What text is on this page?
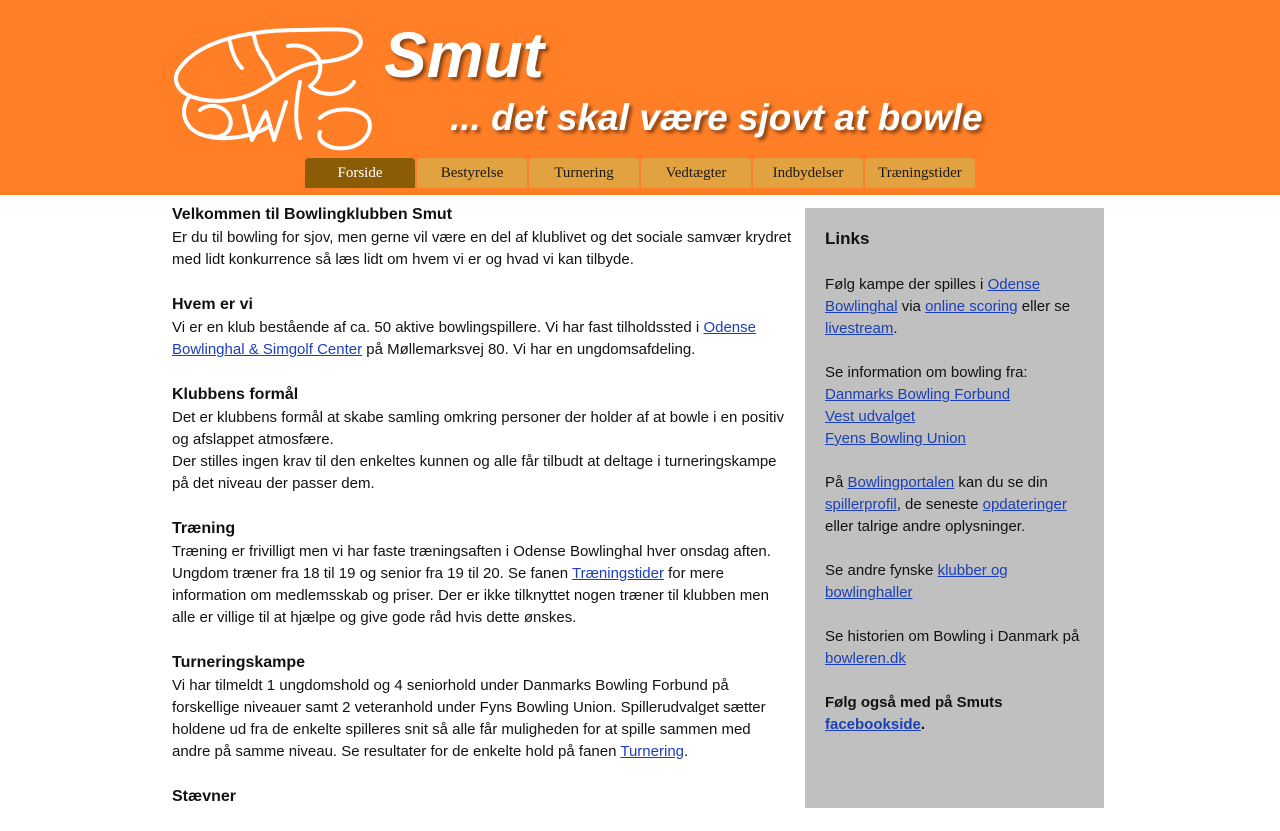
Smut
... det skal være sjovt at bowle
Forside	Bestyrelse	Turnering	Vedtægter	Indbydelser	Træningstider
Velkommen til Bowlingklubben Smut

Er du til bowling for sjov, men gerne vil være en del af klublivet og det sociale samvær krydret med lidt konkurrence så læs lidt om hvem vi er og hvad vi kan tilbyde.

Hvem er vi

Vi er en klub bestående af ca. 50 aktive bowlingspillere. Vi har fast tilholdssted i Odense Bowlinghal & Simgolf Center på Møllemarksvej 80. Vi har en ungdomsafdeling.

Klubbens formål

Det er klubbens formål at skabe samling omkring personer der holder af at bowle i en positiv og afslappet atmosfære.

Der stilles ingen krav til den enkeltes kunnen og alle får tilbudt at deltage i turneringskampe på det niveau der passer dem.

Træning

Træning er frivilligt men vi har faste træningsaften i Odense Bowlinghal hver onsdag aften. Ungdom træner fra 18 til 19 og senior fra 19 til 20. Se fanen Træningstider for mere information om medlemsskab og priser. Der er ikke tilknyttet nogen træner til klubben men alle er villige til at hjælpe og give gode råd hvis dette ønskes.

Turneringskampe

Vi har tilmeldt 1 ungdomshold og 4 seniorhold under Danmarks Bowling Forbund på forskellige niveauer samt 2 veteranhold under Fyns Bowling Union. Spillerudvalget sætter holdene ud fra de enkelte spilleres snit så alle får muligheden for at spille sammen med andre på samme niveau. Se resultater for de enkelte hold på fanen Turnering.

Stævner
Links

Følg kampe der spilles i Odense Bowlinghal via online scoring eller se livestream.

Se information om bowling fra:
Danmarks Bowling Forbund
Vest udvalget
Fyens Bowling Union

På Bowlingportalen kan du se din spillerprofil, de seneste opdateringer eller talrige andre oplysninger.

Se andre fynske klubber og bowlinghaller

Se historien om Bowling i Danmark på bowleren.dk

Følg også med på Smuts facebookside.
